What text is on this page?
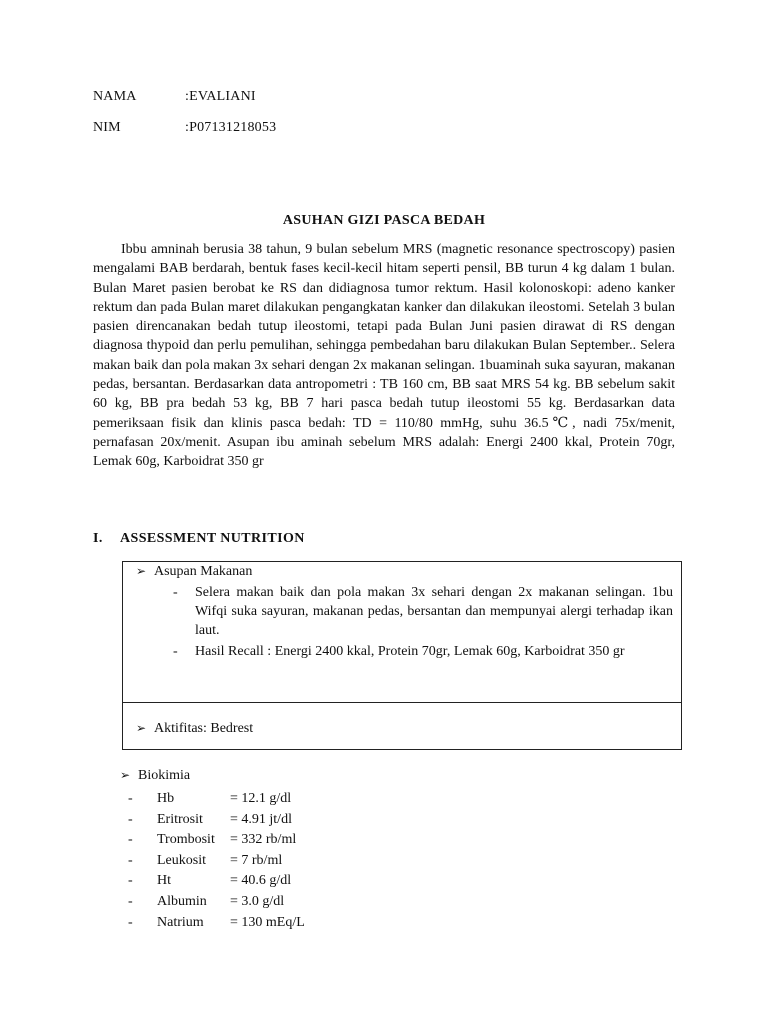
NAMA	:EVALIANI
NIM	:P07131218053
ASUHAN GIZI PASCA BEDAH

Ibbu amninah berusia 38 tahun, 9 bulan sebelum MRS (magnetic resonance spectroscopy) pasien mengalami BAB berdarah, bentuk fases kecil-kecil hitam seperti pensil, BB turun 4 kg dalam 1 bulan. Bulan Maret pasien berobat ke RS dan didiagnosa tumor rektum. Hasil kolonoskopi: adeno kanker rektum dan pada Bulan maret dilakukan pengangkatan kanker dan dilakukan ileostomi. Setelah 3 bulan pasien direncanakan bedah tutup ileostomi, tetapi pada Bulan Juni pasien dirawat di RS dengan diagnosa thypoid dan perlu pemulihan, sehingga pembedahan baru dilakukan Bulan September.. Selera makan baik dan pola makan 3x sehari dengan 2x makanan selingan. 1buaminah suka sayuran, makanan pedas, bersantan. Berdasarkan data antropometri : TB 160 cm, BB saat MRS 54 kg. BB sebelum sakit 60 kg, BB pra bedah 53 kg, BB 7 hari pasca bedah tutup ileostomi 55 kg. Berdasarkan data pemeriksaan fisik dan klinis pasca bedah: TD = 110/80 mmHg, suhu 36.5℃, nadi 75x/menit, pernafasan 20x/menit. Asupan ibu aminah sebelum MRS adalah: Energi 2400 kkal, Protein 70gr, Lemak 60g, Karboidrat 350 gr

I. ASSESSMENT NUTRITION
➢ Asupan Makanan
- Selera makan baik dan pola makan 3x sehari dengan 2x makanan selingan. 1bu Wifqi suka sayuran, makanan pedas, bersantan dan mempunyai alergi terhadap ikan laut.
- Hasil Recall : Energi 2400 kkal, Protein 70gr, Lemak 60g, Karboidrat 350 gr
➢ Aktifitas: Bedrest
➢ Biokimia
- Hb	= 12.1 g/dl
- Eritrosit = 4.91 jt/dl
- Trombosit = 332 rb/ml
- Leukosit = 7 rb/ml
- Ht	= 40.6 g/dl
- Albumin = 3.0 g/dl
- Natrium = 130 mEq/L
